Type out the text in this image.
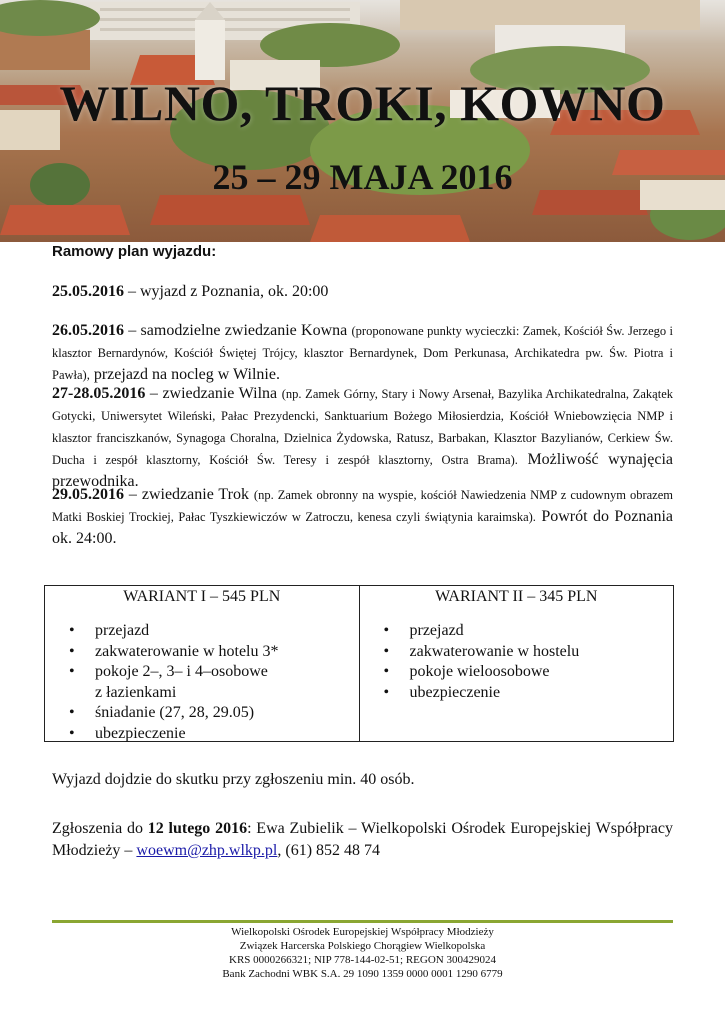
WILNO, TROKI, KOWNO
25 – 29 MAJA 2016
Ramowy plan wyjazdu:
25.05.2016 – wyjazd z Poznania, ok. 20:00
26.05.2016 – samodzielne zwiedzanie Kowna (proponowane punkty wycieczki: Zamek, Kościół Św. Jerzego i klasztor Bernardynów, Kościół Świętej Trójcy, klasztor Bernardynek, Dom Perkunasa, Archikatedra pw. Św. Piotra i Pawła), przejazd na nocleg w Wilnie.
27-28.05.2016 – zwiedzanie Wilna (np. Zamek Górny, Stary i Nowy Arsenał, Bazylika Archikatedralna, Zakątek Gotycki, Uniwersytet Wileński, Pałac Prezydencki, Sanktuarium Bożego Miłosierdzia, Kościół Wniebowzięcia NMP i klasztor franciszkanów, Synagoga Choralna, Dzielnica Żydowska, Ratusz, Barbakan, Klasztor Bazylianów, Cerkiew Św. Ducha i zespół klasztorny, Kościół Św. Teresy i zespół klasztorny, Ostra Brama). Możliwość wynajęcia przewodnika.
29.05.2016 – zwiedzanie Trok (np. Zamek obronny na wyspie, kościół Nawiedzenia NMP z cudownym obrazem Matki Boskiej Trockiej, Pałac Tyszkiewiczów w Zatroczu, kenesa czyli świątynia karaimska). Powrót do Poznania ok. 24:00.
WARIANT I – 545 PLN
• przejazd
• zakwaterowanie w hotelu 3*
• pokoje 2–, 3– i 4–osobowe
z łazienkami
• śniadanie (27, 28, 29.05)
• ubezpieczenie
WARIANT II – 345 PLN
• przejazd
• zakwaterowanie w hostelu
• pokoje wieloosobowe
• ubezpieczenie
Wyjazd dojdzie do skutku przy zgłoszeniu min. 40 osób.
Zgłoszenia do 12 lutego 2016: Ewa Zubielik – Wielkopolski Ośrodek Europejskiej Współpracy Młodzieży – woewm@zhp.wlkp.pl, (61) 852 48 74
Wielkopolski Ośrodek Europejskiej Współpracy Młodzieży
Związek Harcerska Polskiego Chorągiew Wielkopolska
KRS 0000266321; NIP 778-144-02-51; REGON 300429024
Bank Zachodni WBK S.A. 29 1090 1359 0000 0001 1290 6779
